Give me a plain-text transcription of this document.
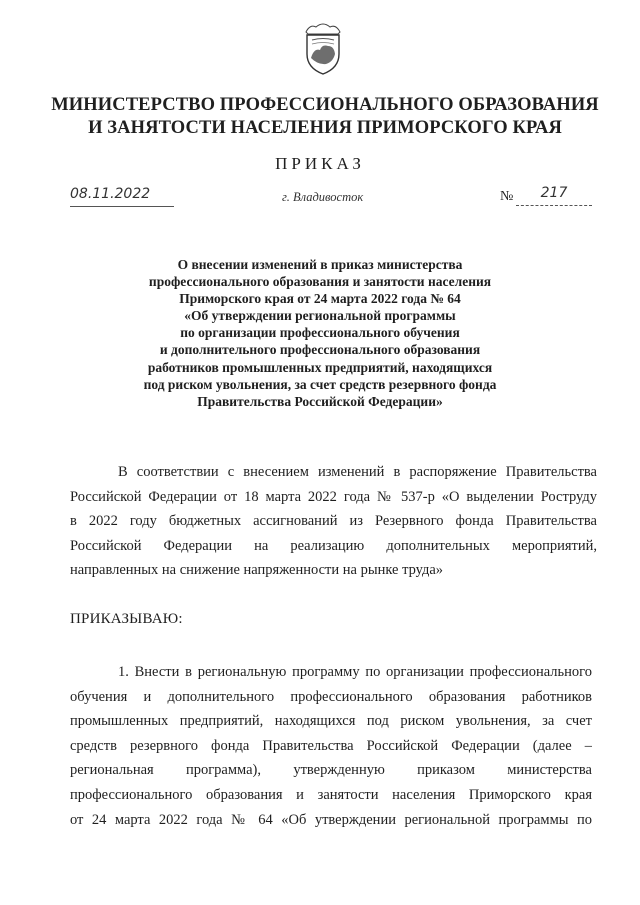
МИНИСТЕРСТВО ПРОФЕССИОНАЛЬНОГО ОБРАЗОВАНИЯ
И ЗАНЯТОСТИ НАСЕЛЕНИЯ ПРИМОРСКОГО КРАЯ
ПРИКАЗ
08.11.2022	г. Владивосток	№	217
О внесении изменений в приказ министерства
профессионального образования и занятости населения
Приморского края от 24 марта 2022 года № 64
«Об утверждении региональной программы
по организации профессионального обучения
и дополнительного профессионального образования
работников промышленных предприятий, находящихся
под риском увольнения, за счет средств резервного фонда
Правительства Российской Федерации»
В соответствии с внесением изменений в распоряжение Правительства
Российской Федерации от 18 марта 2022 года № 537-р «О выделении Роструду
в 2022 году бюджетных ассигнований из Резервного фонда Правительства
Российской Федерации на реализацию дополнительных мероприятий,
направленных на снижение напряженности на рынке труда»
ПРИКАЗЫВАЮ:
1. Внести в региональную программу по организации профессионального
обучения и дополнительного профессионального образования работников
промышленных предприятий, находящихся под риском увольнения, за счет
средств резервного фонда Правительства Российской Федерации (далее –
региональная программа), утвержденную приказом министерства
профессионального образования и занятости населения Приморского края
от 24 марта 2022 года № 64 «Об утверждении региональной программы по
